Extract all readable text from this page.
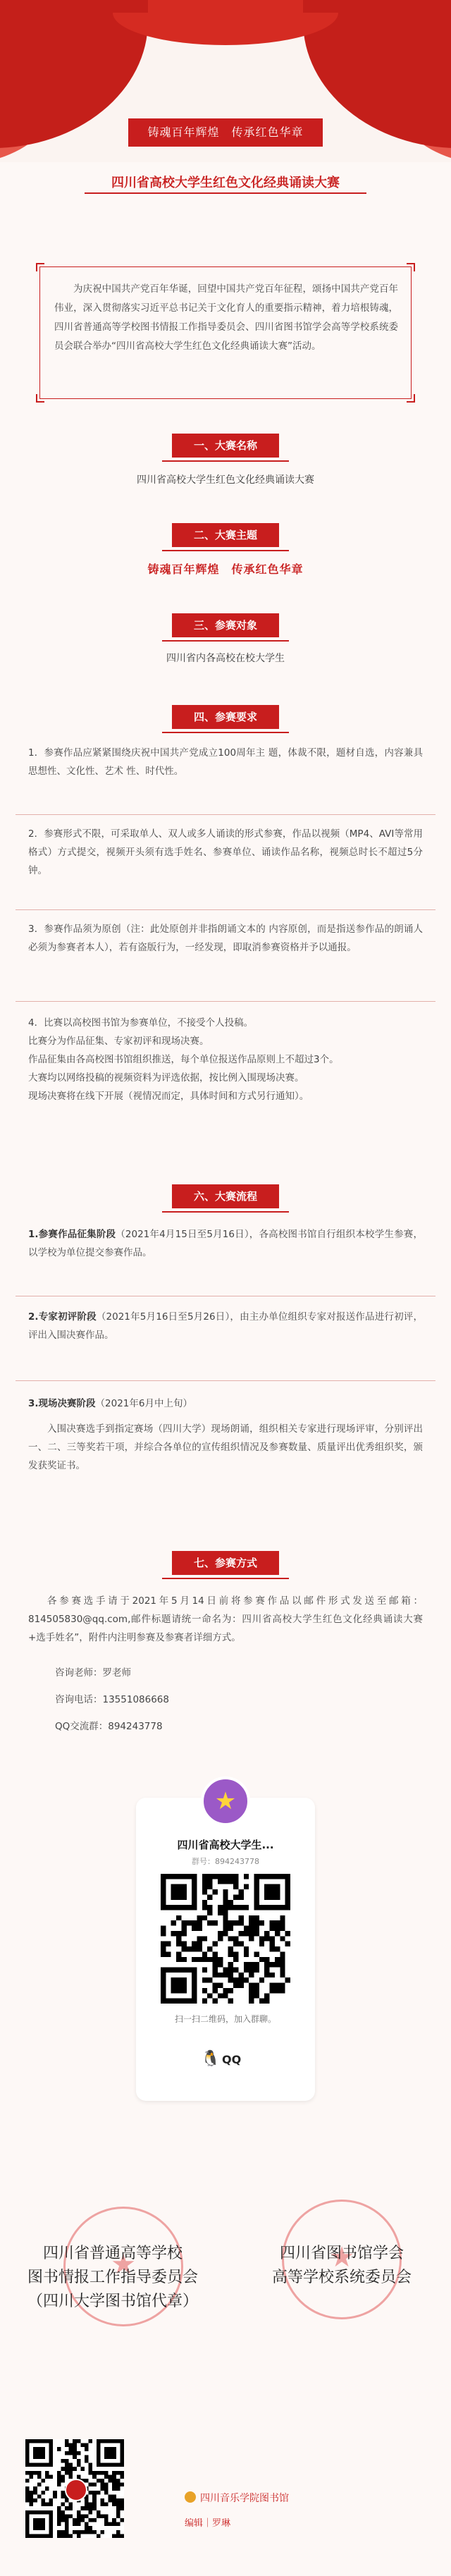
铸魂百年辉煌　传承红色华章
四川省高校大学生红色文化经典诵读大赛
为庆祝中国共产党百年华诞，回望中国共产党百年征程，颂扬中国共产党百年伟业，深入贯彻落实习近平总书记关于文化育人的重要指示精神，着力培根铸魂，四川省普通高等学校图书情报工作指导委员会、四川省图书馆学会高等学校系统委员会联合举办“四川省高校大学生红色文化经典诵读大赛”活动。
一、大赛名称
四川省高校大学生红色文化经典诵读大赛
二、大赛主题
铸魂百年辉煌　传承红色华章
三、参赛对象
四川省内各高校在校大学生
四、参赛要求
1．参赛作品应紧紧围绕庆祝中国共产党成立100周年主 题，体裁不限，题材自选，内容兼具思想性、文化性、艺术 性、时代性。
2．参赛形式不限，可采取单人、双人或多人诵读的形式参赛，作品以视频（MP4、AVI等常用格式）方式提交，视频开头须有选手姓名、参赛单位、诵读作品名称，视频总时长不超过5分钟。
3．参赛作品须为原创（注：此处原创并非指朗诵文本的 内容原创，而是指送参作品的朗诵人必须为参赛者本人），若有盗版行为，一经发现，即取消参赛资格并予以通报。

4．比赛以高校图书馆为参赛单位，不接受个人投稿。

比赛分为作品征集、专家初评和现场决赛。

作品征集由各高校图书馆组织推送，每个单位报送作品原则上不超过3个。

大赛均以网络投稿的视频资料为评选依据，按比例入围现场决赛。

现场决赛将在线下开展（视情况而定，具体时间和方式另行通知）。

六、大赛流程
1.参赛作品征集阶段（2021年4月15日至5月16日），各高校图书馆自行组织本校学生参赛，以学校为单位提交参赛作品。
2.专家初评阶段（2021年5月16日至5月26日），由主办单位组织专家对报送作品进行初评，评出入围决赛作品。
3.现场决赛阶段（2021年6月中上旬）

入围决赛选手到指定赛场（四川大学）现场朗诵，组织相关专家进行现场评审，分别评出一、二、三等奖若干项，并综合各单位的宣传组织情况及参赛数量、质量评出优秀组织奖，颁发获奖证书。

七、参赛方式
各参赛选手请于2021年5月14日前将参赛作品以邮件形式发送至邮箱：814505830@qq.com,邮件标题请统一命名为：四川省高校大学生红色文化经典诵读大赛+选手姓名”，附件内注明参赛及参赛者详细方式。
咨询老师：罗老师
咨询电话：13551086668
QQ交流群：894243778
★
四川省高校大学生...
群号：894243778
扫一扫二维码，加入群聊。
🐧 QQ
★
★
四川省普通高等学校
图书情报工作指导委员会
（四川大学图书馆代章）
四川省图书馆学会
高等学校系统委员会
四川音乐学院图书馆
编辑｜罗琳
